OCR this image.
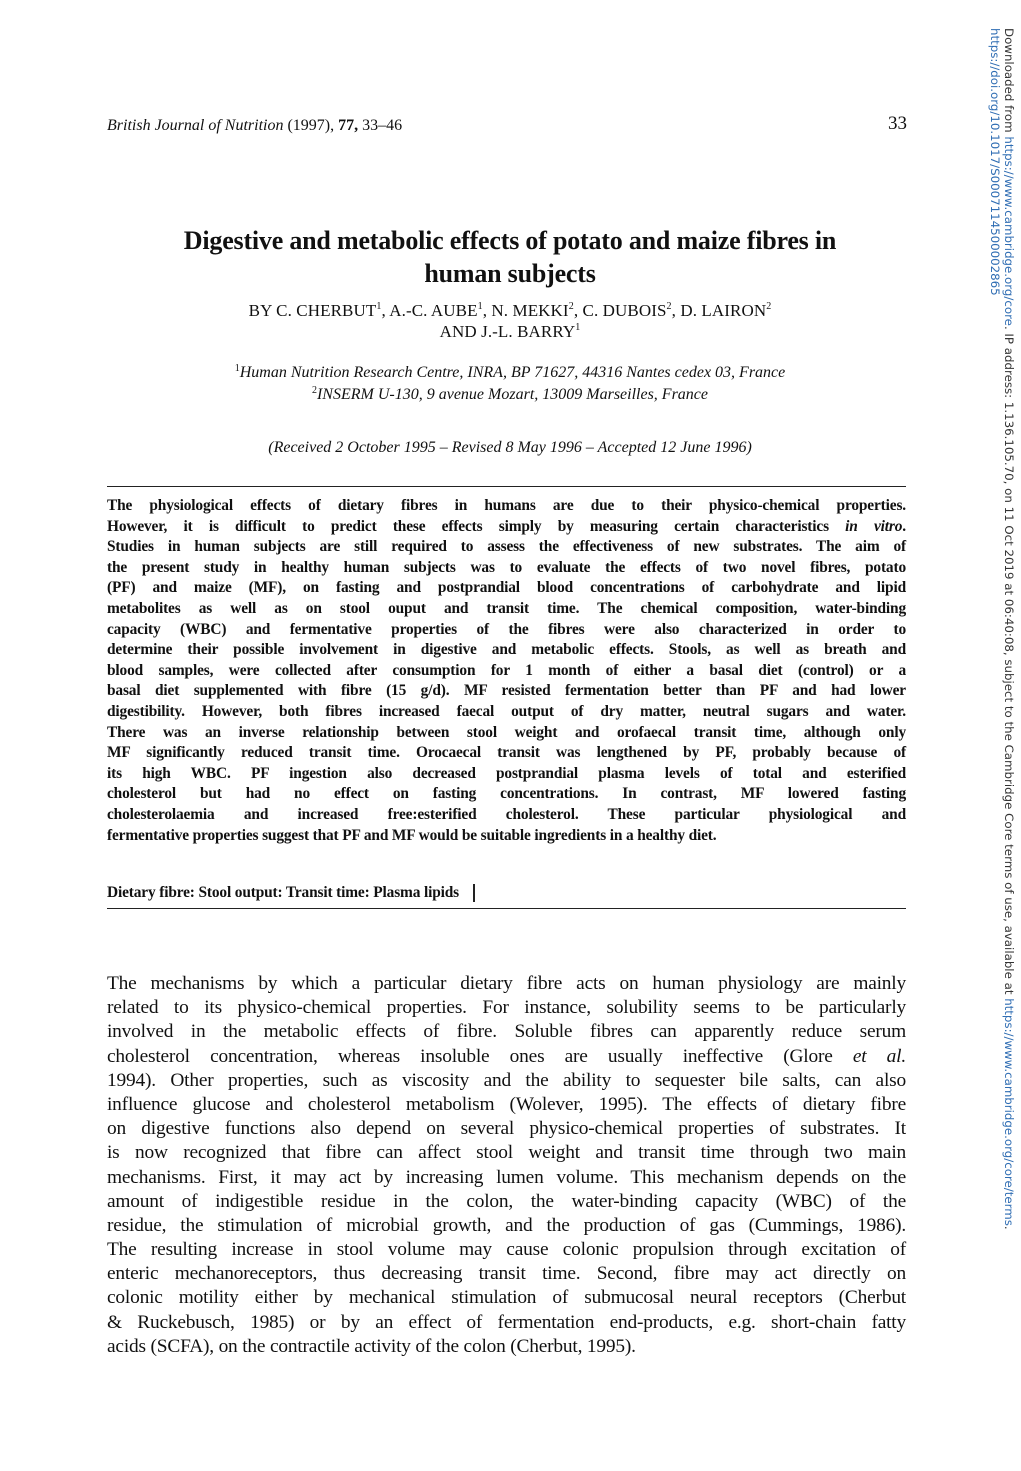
British Journal of Nutrition (1997), 77, 33–46	33
Digestive and metabolic effects of potato and maize fibres in
human subjects
BY C. CHERBUT$^1$, A.-C. AUBE$^1$, N. MEKKI$^2$, C. DUBOIS$^2$, D. LAIRON$^2$
AND J.-L. BARRY$^1$
$^1$Human Nutrition Research Centre, INRA, BP 71627, 44316 Nantes cedex 03, France
$^2$INSERM U-130, 9 avenue Mozart, 13009 Marseilles, France
(Received 2 October 1995 – Revised 8 May 1996 – Accepted 12 June 1996)
The physiological effects of dietary fibres in humans are due to their physico-chemical properties.
However, it is difficult to predict these effects simply by measuring certain characteristics in vitro.
Studies in human subjects are still required to assess the effectiveness of new substrates. The aim of
the present study in healthy human subjects was to evaluate the effects of two novel fibres, potato
(PF) and maize (MF), on fasting and postprandial blood concentrations of carbohydrate and lipid
metabolites as well as on stool ouput and transit time. The chemical composition, water-binding
capacity (WBC) and fermentative properties of the fibres were also characterized in order to
determine their possible involvement in digestive and metabolic effects. Stools, as well as breath and
blood samples, were collected after consumption for 1 month of either a basal diet (control) or a
basal diet supplemented with fibre (15 g/d). MF resisted fermentation better than PF and had lower
digestibility. However, both fibres increased faecal output of dry matter, neutral sugars and water.
There was an inverse relationship between stool weight and orofaecal transit time, although only
MF significantly reduced transit time. Orocaecal transit was lengthened by PF, probably because of
its high WBC. PF ingestion also decreased postprandial plasma levels of total and esterified
cholesterol but had no effect on fasting concentrations. In contrast, MF lowered fasting
cholesterolaemia and increased free:esterified cholesterol. These particular physiological and
fermentative properties suggest that PF and MF would be suitable ingredients in a healthy diet.
Dietary fibre: Stool output: Transit time: Plasma lipids
The mechanisms by which a particular dietary fibre acts on human physiology are mainly
related to its physico-chemical properties. For instance, solubility seems to be particularly
involved in the metabolic effects of fibre. Soluble fibres can apparently reduce serum
cholesterol concentration, whereas insoluble ones are usually ineffective (Glore et al.
1994). Other properties, such as viscosity and the ability to sequester bile salts, can also
influence glucose and cholesterol metabolism (Wolever, 1995). The effects of dietary fibre
on digestive functions also depend on several physico-chemical properties of substrates. It
is now recognized that fibre can affect stool weight and transit time through two main
mechanisms. First, it may act by increasing lumen volume. This mechanism depends on the
amount of indigestible residue in the colon, the water-binding capacity (WBC) of the
residue, the stimulation of microbial growth, and the production of gas (Cummings, 1986).
The resulting increase in stool volume may cause colonic propulsion through excitation of
enteric mechanoreceptors, thus decreasing transit time. Second, fibre may act directly on
colonic motility either by mechanical stimulation of submucosal neural receptors (Cherbut
& Ruckebusch, 1985) or by an effect of fermentation end-products, e.g. short-chain fatty
acids (SCFA), on the contractile activity of the colon (Cherbut, 1995).
Downloaded from https://www.cambridge.org/core. IP address: 1.136.105.70, on 11 Oct 2019 at 06:40:08, subject to the Cambridge Core terms of use, available at https://www.cambridge.org/core/terms.
https://doi.org/10.1017/S0007114500002865
